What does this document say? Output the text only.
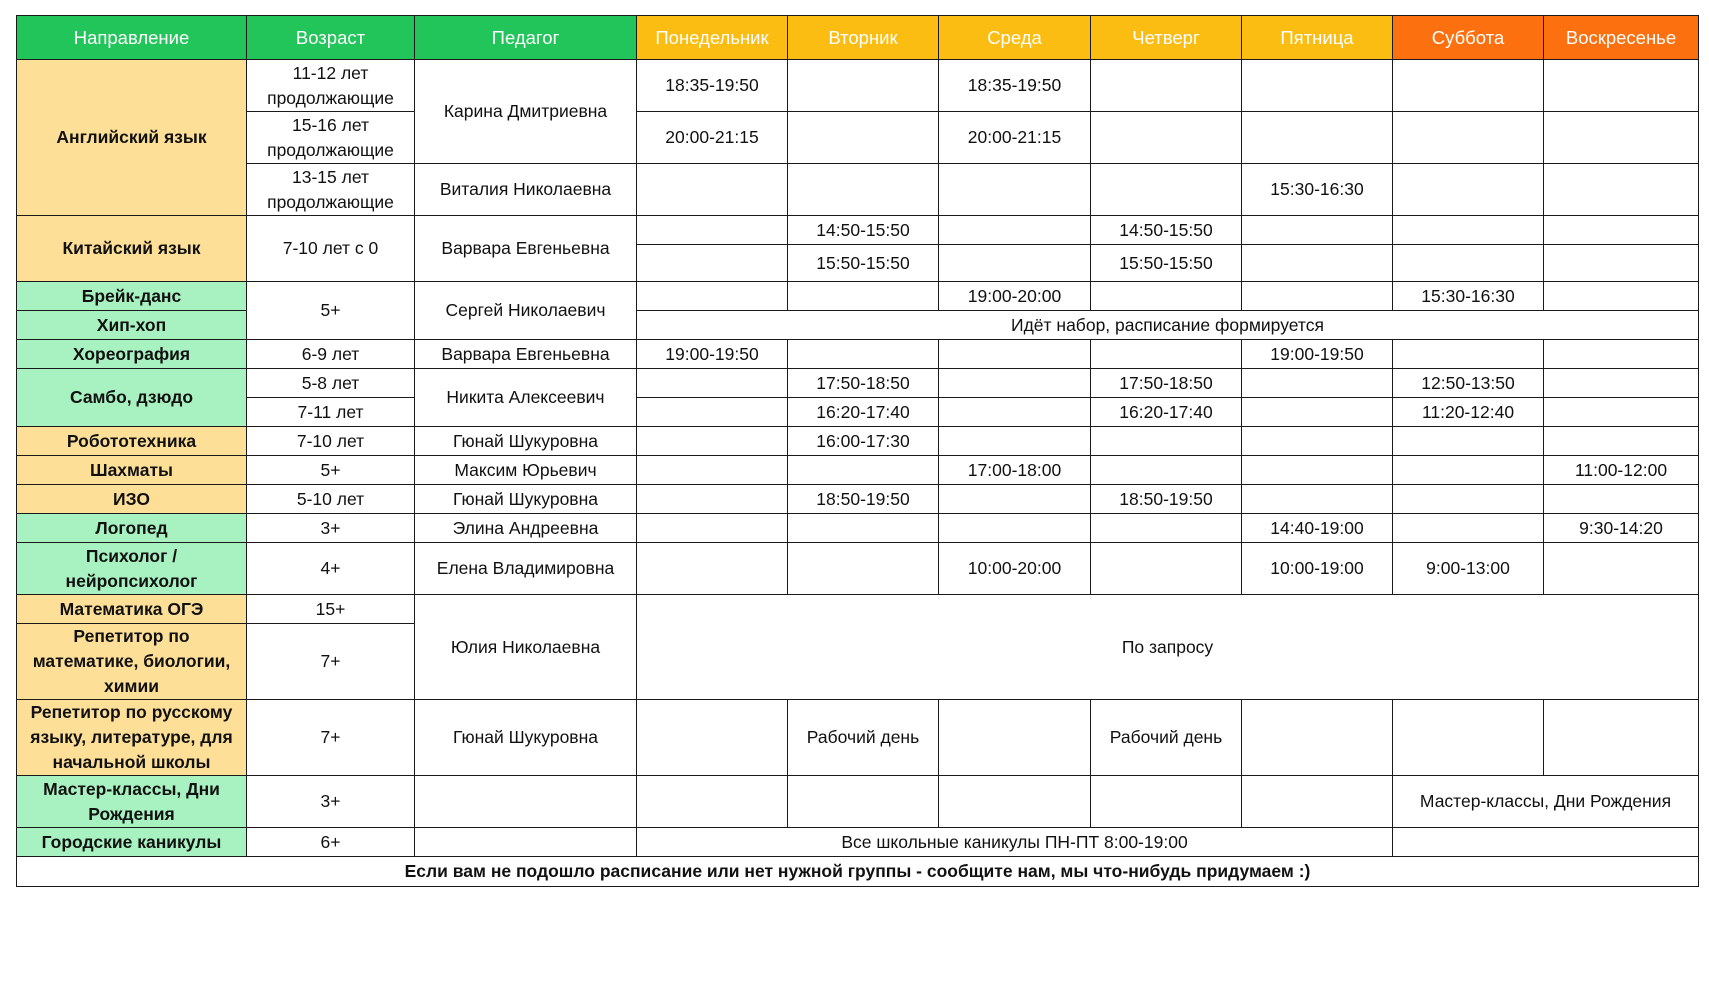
Направление	Возраст	Педагог	Понедельник	Вторник	Среда	Четверг	Пятница	Суббота	Воскресенье
Английский язык	11-12 лет продолжающие	Карина Дмитриевна	18:35-19:50		18:35-19:50				

	15-16 лет продолжающие		20:00-21:15		20:00-21:15				

	13-15 лет продолжающие	Виталия Николаевна					15:30-16:30		

Китайский язык	7-10 лет с 0	Варвара Евгеньевна		14:50-15:50		14:50-15:50			
				15:50-15:50		15:50-15:50			
Брейк-данс	5+	Сергей Николаевич			19:00-20:00			15:30-16:30	
Хип-хоп			Идёт набор, расписание формируется						
Хореография	6-9 лет	Варвара Евгеньевна	19:00-19:50				19:00-19:50		
Самбо, дзюдо	5-8 лет	Никита Алексеевич		17:50-18:50		17:50-18:50		12:50-13:50	
	7-11 лет			16:20-17:40		16:20-17:40		11:20-12:40	
Робототехника	7-10 лет	Гюнай Шукуровна		16:00-17:30					
Шахматы	5+	Максим Юрьевич			17:00-18:00				11:00-12:00
ИЗО	5-10 лет	Гюнай Шукуровна		18:50-19:50		18:50-19:50			
Логопед	3+	Элина Андреевна					14:40-19:00		9:30-14:20
Психолог / нейропсихолог	4+	Елена Владимировна			10:00-20:00		10:00-19:00	9:00-13:00	

Математика ОГЭ	15+	Юлия Николаевна	По запросу						
Репетитор по математике, биологии, химии	7+								

Репетитор по русскому языку, литературе, для начальной школы	7+	Гюнай Шукуровна		Рабочий день		Рабочий день			

Мастер-классы, Дни Рождения	3+							Мастер-классы, Дни Рождения	

Городские каникулы	6+		Все школьные каникулы ПН-ПТ 8:00-19:00						
Если вам не подошло расписание или нет нужной группы - сообщите нам, мы что-нибудь придумаем :)									
